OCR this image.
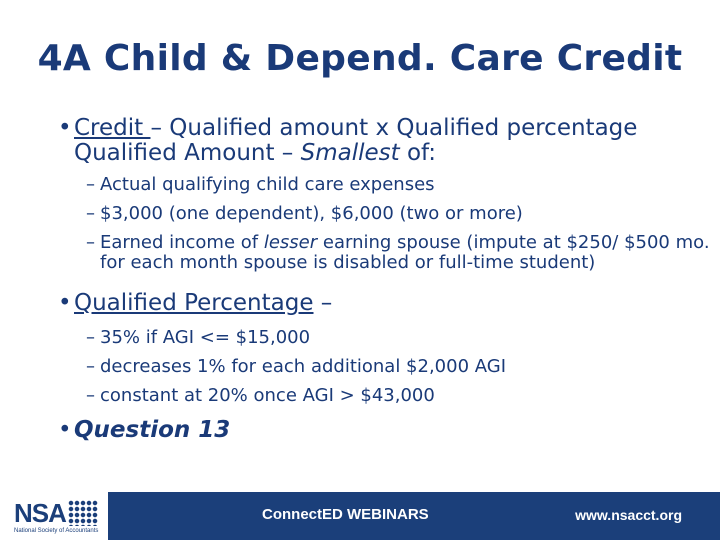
4A Child & Depend. Care Credit
• Credit – Qualified amount x Qualified percentage
Qualified Amount – Smallest of:
– Actual qualifying child care expenses
– $3,000 (one dependent), $6,000 (two or more)
– Earned income of lesser earning spouse (impute at $250/ $500 mo. for each month spouse is disabled or full-time student)
• Qualified Percentage –
– 35% if AGI <= $15,000
– decreases 1% for each additional $2,000 AGI
– constant at 20% once AGI > $43,000
• Question 13
NSA
National Society of Accountants
ConnectED WEBINARS	www.nsacct.org
